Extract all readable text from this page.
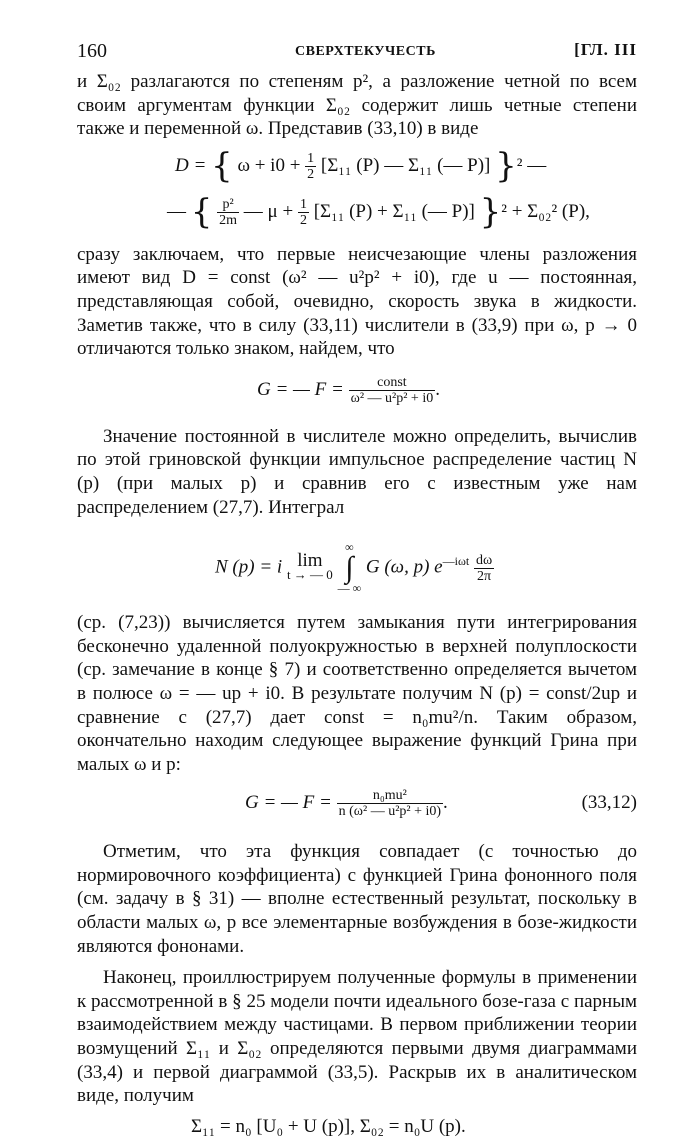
160	СВЕРХТЕКУЧЕСТЬ	[ГЛ. III

и Σ₀₂ разлагаются по степеням p², а разложение четной по всем своим аргументам функции Σ₀₂ содержит лишь четные степени также и переменной ω. Представив (33,10) в виде

D = { $\omega + i0 + \frac{1}{2} [\Sigma_{11}$ (P) — Σ₁₁ (— P)] }² —
— { $\frac{\text{p²}}{2m}$ — $\mu + \frac{1}{2} [\Sigma_{11}$ (P) + Σ₁₁ (— P)] }² + Σ₀₂² (P),

сразу заключаем, что первые неисчезающие члены разложения имеют вид D = const (ω² — u²p² + i0), где u — постоянная, представляющая собой, очевидно, скорость звука в жидкости. Заметив также, что в силу (33,11) числители в (33,9) при ω, p → 0 отличаются только знаком, найдем, что

G = — $F = \frac{\text{const}}{\text{ω² — u²p² + i0}}$ .

Значение постоянной в числителе можно определить, вычислив по этой гриновской функции импульсное распределение частиц N (p) (при малых p) и сравнив его с известным уже нам распределением (27,7). Интеграл

N (p) = i lim
t → — 0

∞
∫
— ∞
G (ω, p) $e^{—i\omega t} \frac{d\omega}{2\pi}$

(ср. (7,23)) вычисляется путем замыкания пути интегрирования бесконечно удаленной полуокружностью в верхней полуплоскости (ср. замечание в конце § 7) и соответственно определяется вычетом в полюсе ω = — up + i0. В результате получим N (p) = const/2up и сравнение с (27,7) дает const = n₀mu²/n. Таким образом, окончательно находим следующее выражение функций Грина при малых ω и p:

G = — $F = \frac{\text{n₀mu²}}{\text{n (ω² — u²p² + i0)}}$ .	(33,12)

Отметим, что эта функция совпадает (с точностью до нормировочного коэффициента) с функцией Грина фононного поля (см. задачу в § 31) — вполне естественный результат, поскольку в области малых ω, p все элементарные возбуждения в бозе-жидкости являются фононами.

Наконец, проиллюстрируем полученные формулы в применении к рассмотренной в § 25 модели почти идеального бозе-газа с парным взаимодействием между частицами. В первом приближении теории возмущений Σ₁₁ и Σ₀₂ определяются первыми двумя диаграммами (33,4) и первой диаграммой (33,5). Раскрыв их в аналитическом виде, получим

Σ₁₁ = n₀ [U₀ + U (p)], Σ₀₂ = n₀U (p).
